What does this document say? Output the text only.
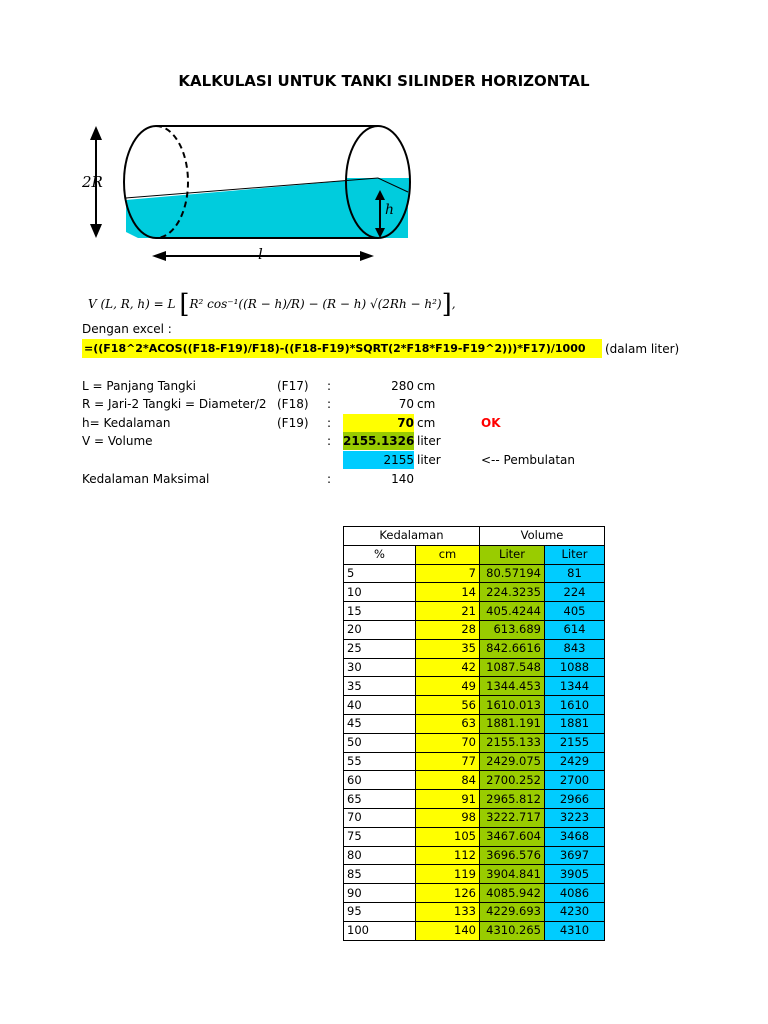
KALKULASI UNTUK TANKI SILINDER HORIZONTAL
2R
h
l
V (L, R, h) = L [R² cos⁻¹((R − h)/R) − (R − h) √(2Rh − h²)],
Dengan excel :
=((F18^2*ACOS((F18-F19)/F18)-((F18-F19)*SQRT(2*F18*F19-F19^2)))*F17)/1000	(dalam liter)
L = Panjang Tangki	(F17) :	280 cm
R = Jari-2 Tangki = Diameter/2 (F18) :	70 cm
h= Kedalaman	(F19) :	70 cm	OK
V = Volume	: 2155.1326 liter
2155 liter	<-- Pembulatan
Kedalaman Maksimal	:	140
Kedalaman		Volume	
%	cm	Liter	Liter
5	7	80.57194	81
10	14	224.3235	224
15	21	405.4244	405
20	28	613.689	614
25	35	842.6616	843
30	42	1087.548	1088
35	49	1344.453	1344
40	56	1610.013	1610
45	63	1881.191	1881
50	70	2155.133	2155
55	77	2429.075	2429
60	84	2700.252	2700
65	91	2965.812	2966
70	98	3222.717	3223
75	105	3467.604	3468
80	112	3696.576	3697
85	119	3904.841	3905
90	126	4085.942	4086
95	133	4229.693	4230
100	140	4310.265	4310
